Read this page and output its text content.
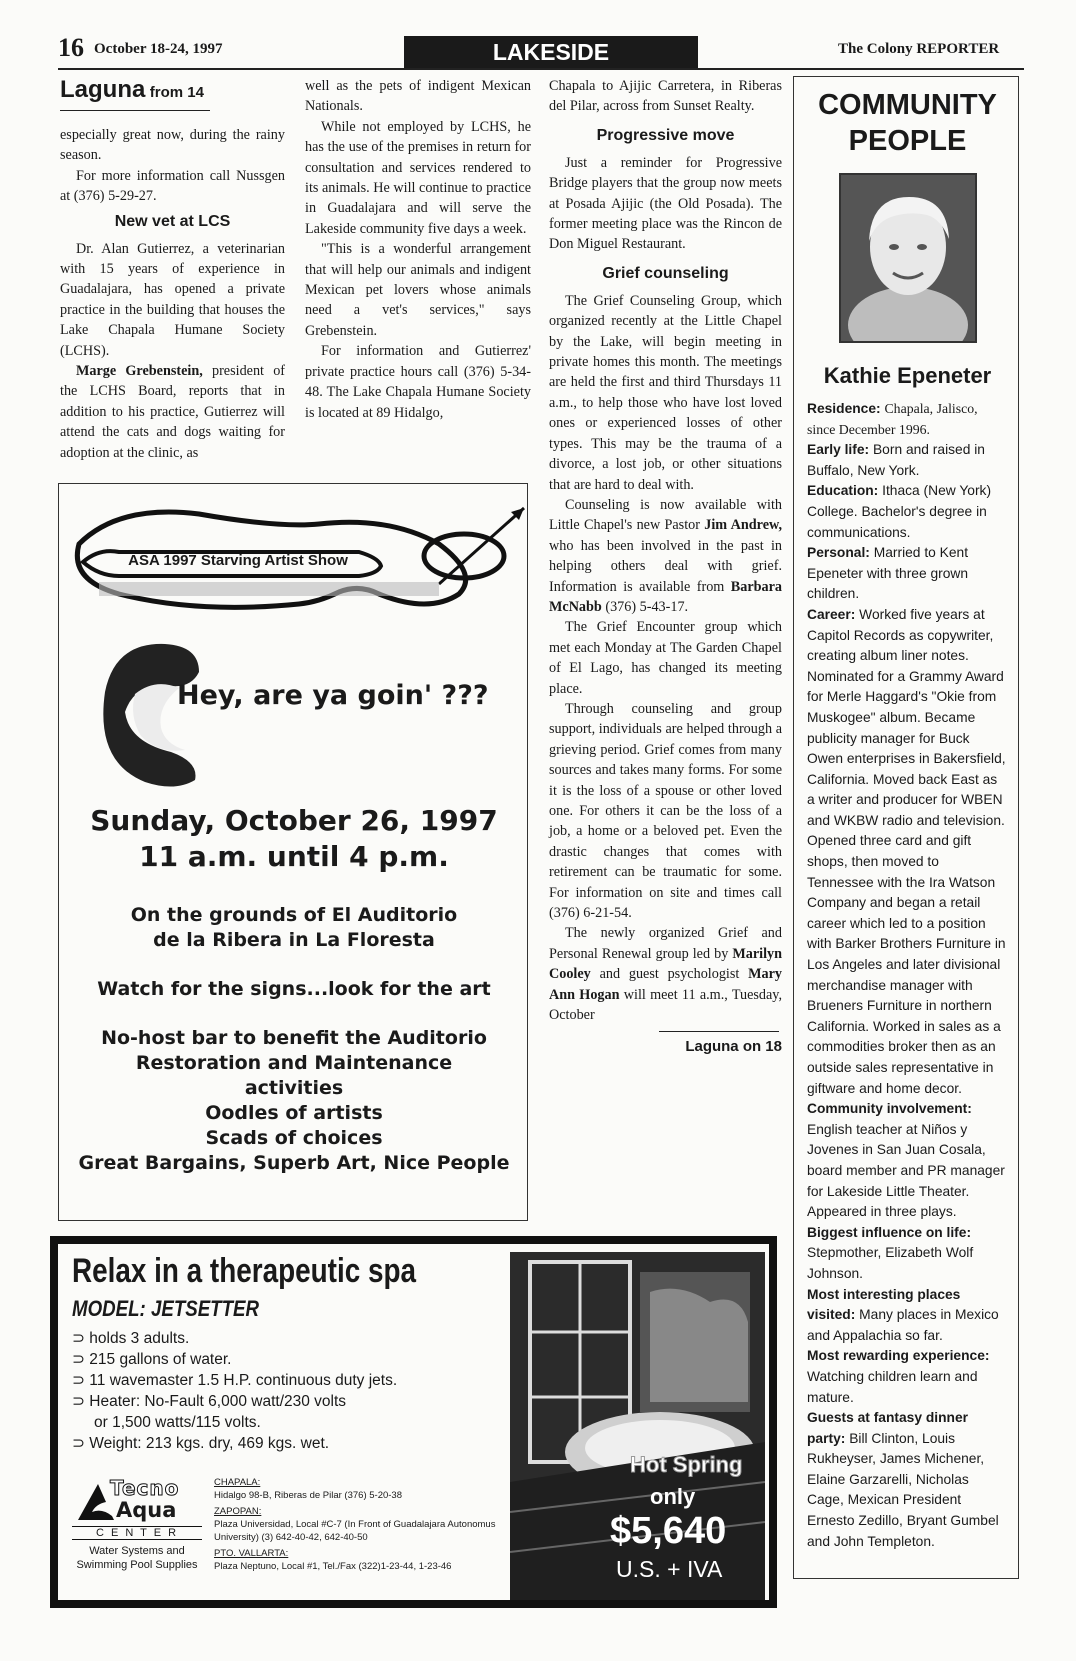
16 October 18-24, 1997	LAKESIDE	The Colony REPORTER
Laguna from 14

especially great now, during the rainy season.

For more information call Nussgen at (376) 5-29-27.

New vet at LCS

Dr. Alan Gutierrez, a veterinarian with 15 years of experience in Guadalajara, has opened a private practice in the building that houses the Lake Chapala Humane Society (LCHS).

Marge Grebenstein, president of the LCHS Board, reports that in addition to his practice, Gutierrez will attend the cats and dogs waiting for adoption at the clinic, as

well as the pets of indigent Mexican Nationals.

While not employed by LCHS, he has the use of the premises in return for consultation and services rendered to its animals. He will continue to practice in Guadalajara and will serve the Lakeside community five days a week.

"This is a wonderful arrangement that will help our animals and indigent Mexican pet lovers whose animals need a vet's services," says Grebenstein.

For information and Gutierrez' private practice hours call (376) 5-34-48. The Lake Chapala Humane Society is located at 89 Hidalgo,

Chapala to Ajijic Carretera, in Riberas del Pilar, across from Sunset Realty.

Progressive move

Just a reminder for Progressive Bridge players that the group now meets at Posada Ajijic (the Old Posada). The former meeting place was the Rincon de Don Miguel Restaurant.

Grief counseling

The Grief Counseling Group, which organized recently at the Little Chapel by the Lake, will begin meeting in private homes this month. The meetings are held the first and third Thursdays 11 a.m., to help those who have lost loved ones or experienced losses of other types. This may be the trauma of a divorce, a lost job, or other situations that are hard to deal with.

Counseling is now available with Little Chapel's new Pastor Jim Andrew, who has been involved in the past in helping others deal with grief. Information is available from Barbara McNabb (376) 5-43-17.

The Grief Encounter group which met each Monday at The Garden Chapel of El Lago, has changed its meeting place.

Through counseling and group support, individuals are helped through a grieving period. Grief comes from many sources and takes many forms. For some it is the loss of a spouse or other loved one. For others it can be the loss of a job, a home or a beloved pet. Even the drastic changes that comes with retirement can be traumatic for some. For information on site and times call (376) 6-21-54.

The newly organized Grief and Personal Renewal group led by Marilyn Cooley and guest psychologist Mary Ann Hogan will meet 11 a.m., Tuesday, October

Laguna on 18
COMMUNITY
PEOPLE
Kathie Epeneter

Residence: Chapala, Jalisco, since December 1996.

Early life: Born and raised in Buffalo, New York.

Education: Ithaca (New York) College. Bachelor's degree in communications.

Personal: Married to Kent Epeneter with three grown children.

Career: Worked five years at Capitol Records as copywriter, creating album liner notes. Nominated for a Grammy Award for Merle Haggard's "Okie from Muskogee" album. Became publicity manager for Buck Owen enterprises in Bakersfield, California. Moved back East as a writer and producer for WBEN and WKBW radio and television. Opened three card and gift shops, then moved to Tennessee with the Ira Watson Company and began a retail career which led to a position with Barker Brothers Furniture in Los Angeles and later divisional merchandise manager with Brueners Furniture in northern California. Worked in sales as a commodities broker then as an outside sales representative in giftware and home decor.

Community involvement: English teacher at Niños y Jovenes in San Juan Cosala, board member and PR manager for Lakeside Little Theater. Appeared in three plays.

Biggest influence on life: Stepmother, Elizabeth Wolf Johnson.

Most interesting places visited: Many places in Mexico and Appalachia so far.

Most rewarding experience: Watching children learn and mature.

Guests at fantasy dinner party: Bill Clinton, Louis Rukheyser, James Michener, Elaine Garzarelli, Nicholas Cage, Mexican President Ernesto Zedillo, Bryant Gumbel and John Templeton.

ASA 1997 Starving Artist Show
Hey, are ya goin' ???
Sunday, October 26, 1997
11 a.m. until 4 p.m.
On the grounds of El Auditorio
de la Ribera in La Floresta
Watch for the signs...look for the art
No-host bar to benefit the Auditorio
Restoration and Maintenance
activities
Oodles of artists
Scads of choices
Great Bargains, Superb Art, Nice People
Relax in a therapeutic spa
MODEL: JETSETTER
⊃ holds 3 adults.
⊃ 215 gallons of water.
⊃ 11 wavemaster 1.5 H.P. continuous duty jets.
⊃ Heater: No-Fault 6,000 watt/230 volts
or 1,500 watts/115 volts.
⊃ Weight: 213 kgs. dry, 469 kgs. wet.
Tecno
Aqua
C E N T E R
Water Systems and Swimming Pool Supplies
CHAPALA:
Hidalgo 98-B, Riberas de Pilar (376) 5-20-38
ZAPOPAN:
Plaza Universidad, Local #C-7 (In Front of Guadalajara Autonomus University) (3) 642-40-42, 642-40-50
PTO. VALLARTA:
Plaza Neptuno, Local #1, Tel./Fax (322)1-23-44, 1-23-46
Hot Spring
only
$5,640
U.S. + IVA
